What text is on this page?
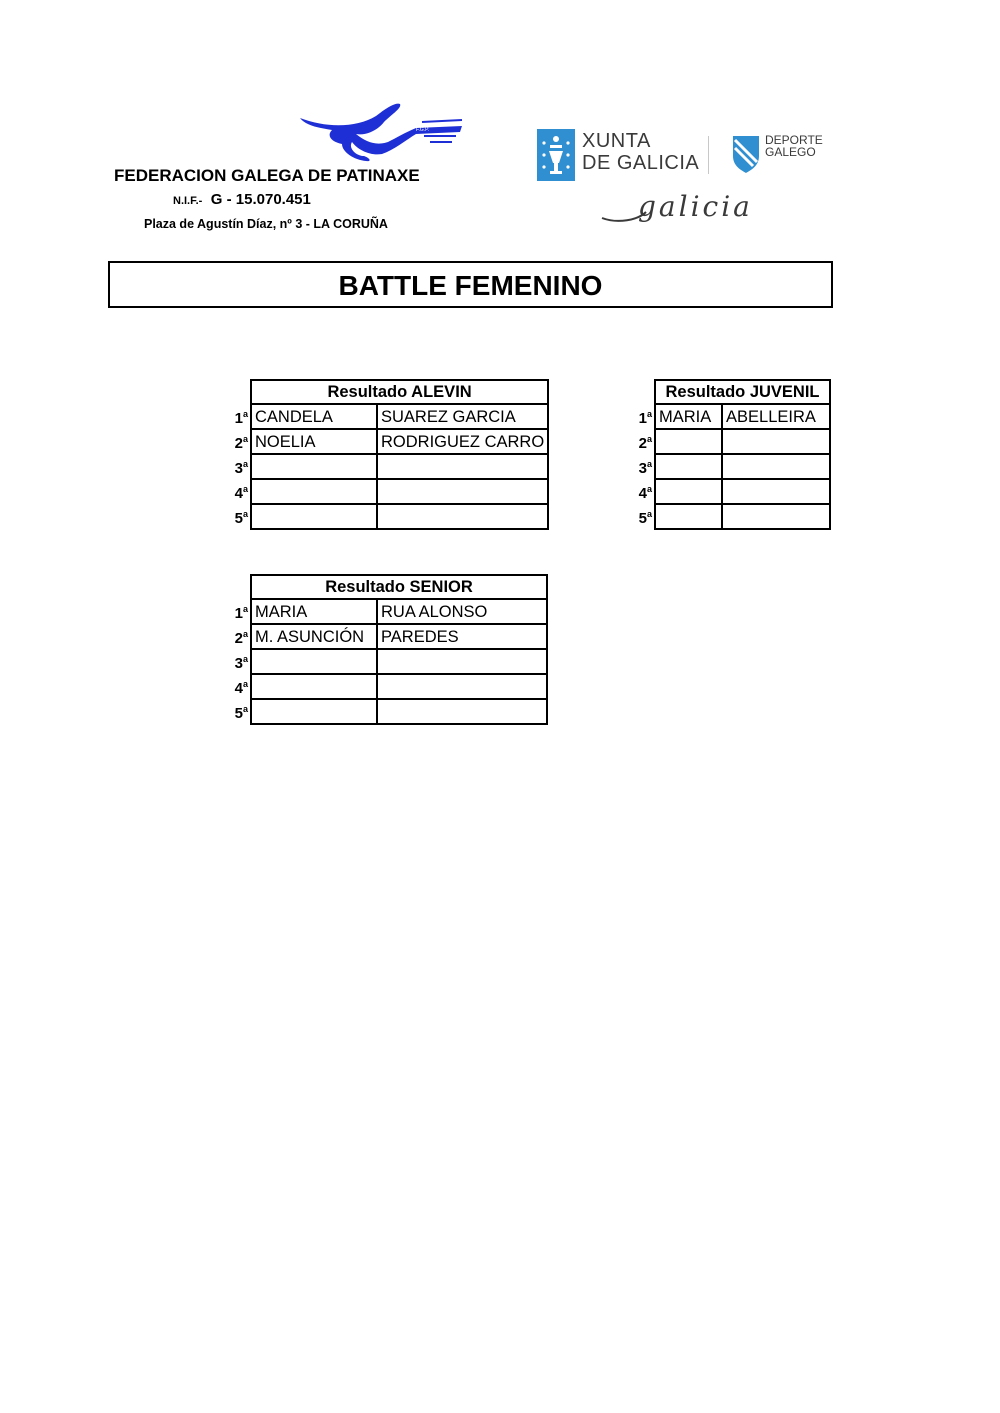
F.G.P.
FEDERACION GALEGA DE PATINAXE
N.I.F.- G - 15.070.451
Plaza de Agustín Díaz, nº 3 - LA CORUÑA
XUNTA
DE GALICIA
DEPORTE
GALEGO
galicia
BATTLE FEMENINO
	Resultado ALEVIN	
1$^a$	CANDELA	SUAREZ GARCIA
2$^a$	NOELIA	RODRIGUEZ CARRO
3$^a$		
4$^a$		
5$^a$		
	Resultado JUVENIL	
1$^a$	MARIA	ABELLEIRA
2$^a$		
3$^a$		
4$^a$		
5$^a$		
	Resultado SENIOR	
1$^a$	MARIA	RUA ALONSO
2$^a$	M. ASUNCIÓN	PAREDES
3$^a$		
4$^a$		
5$^a$		
